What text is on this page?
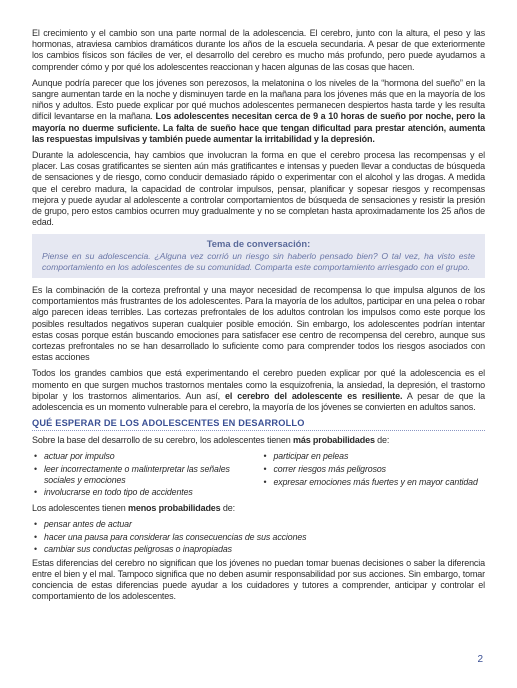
El crecimiento y el cambio son una parte normal de la adolescencia. El cerebro, junto con la altura, el peso y las hormonas, atraviesa cambios dramáticos durante los años de la escuela secundaria. A pesar de que exteriormente los cambios físicos son fáciles de ver, el desarrollo del cerebro es mucho más profundo, pero puede ayudarnos a comprender cómo y por qué los adolescentes reaccionan y hacen algunas de las cosas que hacen.

Aunque podría parecer que los jóvenes son perezosos, la melatonina o los niveles de la “hormona del sueño” en la sangre aumentan tarde en la noche y disminuyen tarde en la mañana para los jóvenes más que en la mayoría de los niños y adultos. Esto puede explicar por qué muchos adolescentes permanecen despiertos hasta tarde y les resulta difícil levantarse en la mañana. Los adolescentes necesitan cerca de 9 a 10 horas de sueño por noche, pero la mayoría no duerme suficiente. La falta de sueño hace que tengan dificultad para prestar atención, aumenta las respuestas impulsivas y también puede aumentar la irritabilidad y la depresión.

Durante la adolescencia, hay cambios que involucran la forma en que el cerebro procesa las recompensas y el placer. Las cosas gratificantes se sienten aún más gratificantes e intensas y pueden llevar a conductas de búsqueda de sensaciones y de riesgo, como conducir demasiado rápido o experimentar con el alcohol y las drogas. A medida que el cerebro madura, la capacidad de controlar impulsos, pensar, planificar y sopesar riesgos y recompensas mejora y puede ayudar al adolescente a controlar comportamientos de búsqueda de sensaciones y resistir la presión de grupo, pero estos cambios ocurren muy gradualmente y no se completan hasta aproximadamente los 25 años de edad.

Tema de conversación:
Piense en su adolescencia. ¿Alguna vez corrió un riesgo sin haberlo pensado bien? O tal vez, ha visto este comportamiento en los adolescentes de su comunidad. Comparta este comportamiento arriesgado con el grupo.

Es la combinación de la corteza prefrontal y una mayor necesidad de recompensa lo que impulsa algunos de los comportamientos más frustrantes de los adolescentes. Para la mayoría de los adultos, participar en una pelea o robar algo parecen ideas terribles. Las cortezas prefrontales de los adultos controlan los impulsos como este porque los posibles resultados negativos superan cualquier posible emoción. Sin embargo, los adolescentes podrían intentar estas cosas porque están buscando emociones para satisfacer ese centro de recompensa del cerebro, aunque sus cortezas prefrontales no se han desarrollado lo suficiente como para comprender todos los riesgos asociados con estas acciones

Todos los grandes cambios que está experimentando el cerebro pueden explicar por qué la adolescencia es el momento en que surgen muchos trastornos mentales como la esquizofrenia, la ansiedad, la depresión, el trastorno bipolar y los trastornos alimentarios. Aun así, el cerebro del adolescente es resiliente. A pesar de que la adolescencia es un momento vulnerable para el cerebro, la mayoría de los jóvenes se convierten en adultos sanos.

QUÉ ESPERAR DE LOS ADOLESCENTES EN DESARROLLO

Sobre la base del desarrollo de su cerebro, los adolescentes tienen más probabilidades de:

• actuar por impulso
• leer incorrectamente o malinterpretar las señales sociales y emociones
• involucrarse en todo tipo de accidentes
• participar en peleas
• correr riesgos más peligrosos
• expresar emociones más fuertes y en mayor cantidad

Los adolescentes tienen menos probabilidades de:

• pensar antes de actuar
• hacer una pausa para considerar las consecuencias de sus acciones
• cambiar sus conductas peligrosas o inapropiadas

Estas diferencias del cerebro no significan que los jóvenes no puedan tomar buenas decisiones o saber la diferencia entre el bien y el mal. Tampoco significa que no deben asumir responsabilidad por sus acciones. Sin embargo, tomar conciencia de estas diferencias puede ayudar a los cuidadores y tutores a comprender, anticipar y controlar el comportamiento de los adolescentes.

2
